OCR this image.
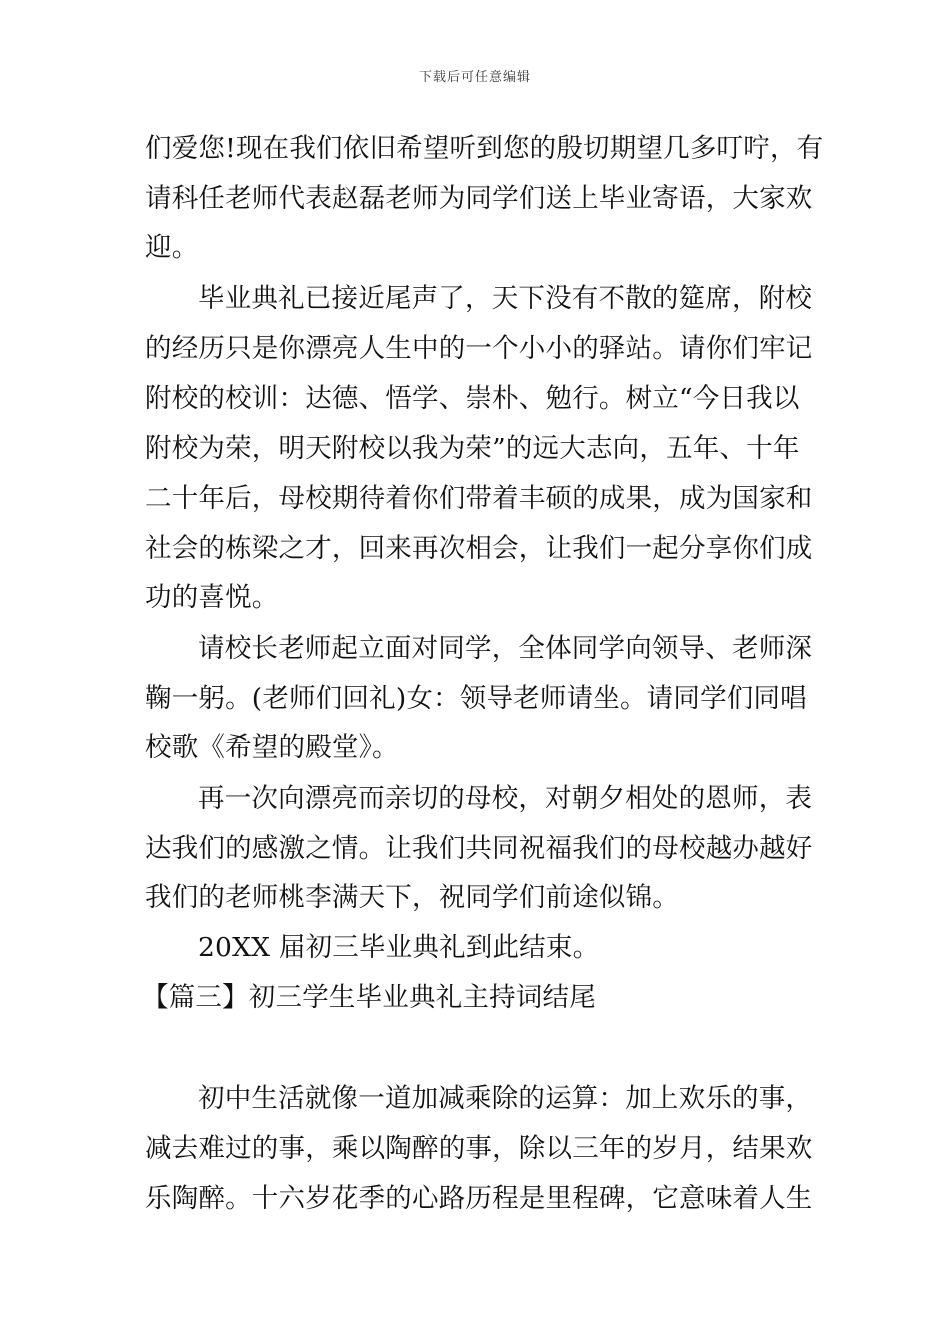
下载后可任意编辑
们爱您!现在我们依旧希望听到您的殷切期望几多叮咛，有
请科任老师代表赵磊老师为同学们送上毕业寄语，大家欢
迎。
毕业典礼已接近尾声了，天下没有不散的筵席，附校
的经历只是你漂亮人生中的一个小小的驿站。请你们牢记
附校的校训：达德、悟学、崇朴、勉行。树立“今日我以
附校为荣，明天附校以我为荣”的远大志向，五年、十年
二十年后，母校期待着你们带着丰硕的成果，成为国家和
社会的栋梁之才，回来再次相会，让我们一起分享你们成
功的喜悦。
请校长老师起立面对同学，全体同学向领导、老师深
鞠一躬。(老师们回礼)女：领导老师请坐。请同学们同唱
校歌《希望的殿堂》。
再一次向漂亮而亲切的母校，对朝夕相处的恩师，表
达我们的感激之情。让我们共同祝福我们的母校越办越好
我们的老师桃李满天下，祝同学们前途似锦。
20XX 届初三毕业典礼到此结束。
【篇三】初三学生毕业典礼主持词结尾
初中生活就像一道加减乘除的运算：加上欢乐的事，
减去难过的事，乘以陶醉的事，除以三年的岁月，结果欢
乐陶醉。十六岁花季的心路历程是里程碑，它意味着人生
